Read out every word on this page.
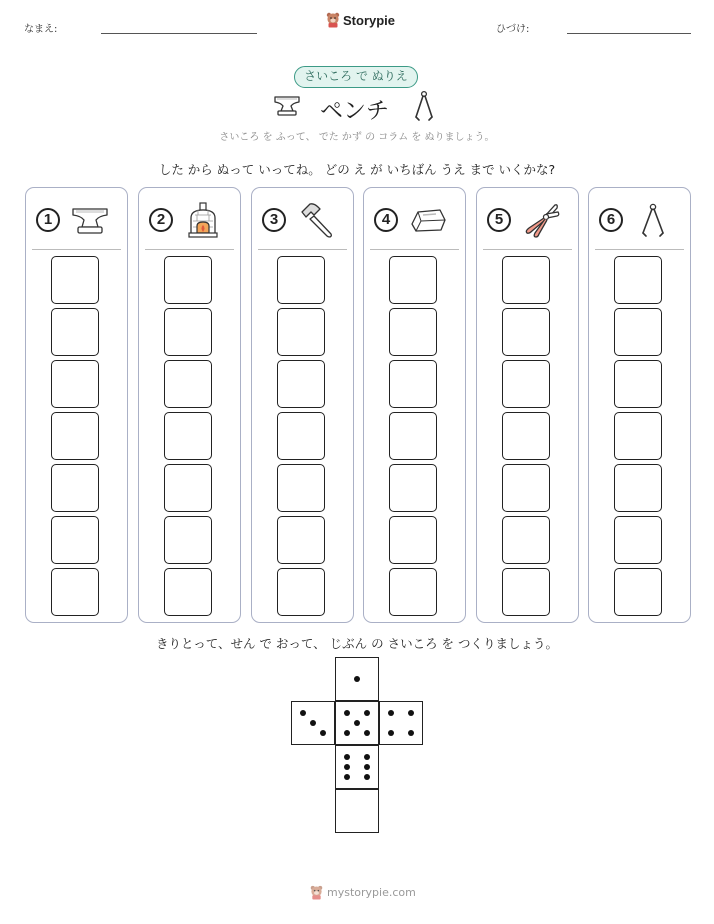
なまえ:	ひづけ:
Storypie
さいころ で ぬりえ
ペンチ
さいころ を ふって、 でた かず の コラム を ぬりましょう。
した から ぬって いってね。 どの え が いちばん うえ まで いくかな?
1	2	3	4	5	6
きりとって、せん で おって、 じぶん の さいころ を つくりましょう。
mystorypie.com
